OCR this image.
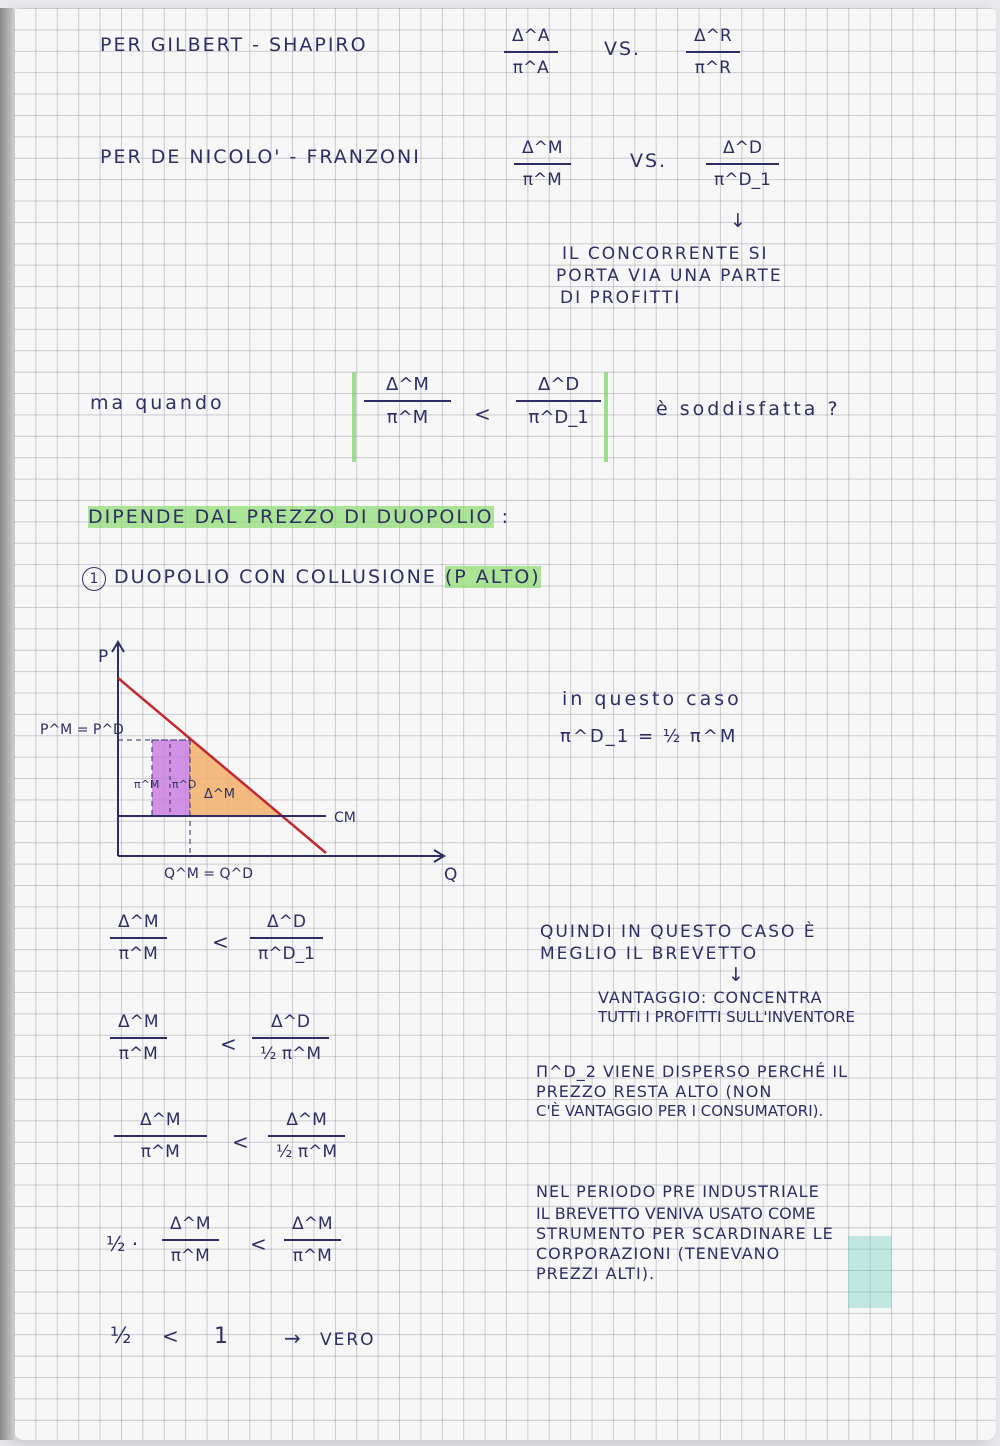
PER GILBERT - SHAPIRO	Δ^A
π^A
VS.
Δ^R
π^R
PER DE NICOLO' - FRANZONI	Δ^M
π^M
VS.
Δ^D
π^D_1
↓
IL CONCORRENTE SI
PORTA VIA UNA PARTE
DI PROFITTI
ma quando
Δ^M
π^M	<
Δ^D
π^D_1	è soddisfatta ?
DIPENDE DAL PREZZO DI DUOPOLIO :
1 DUOPOLIO CON COLLUSIONE (P ALTO)
P
Q
P^M = P^D
Q^M = Q^D
CM
Δ^M
π^M π^D
in questo caso
π^D_1 = ½ π^M
QUINDI IN QUESTO CASO È
MEGLIO IL BREVETTO
↓
VANTAGGIO: CONCENTRA
TUTTI I PROFITTI SULL'INVENTORE
Π^D_2 VIENE DISPERSO PERCHÉ IL
PREZZO RESTA ALTO (NON
C'È VANTAGGIO PER I CONSUMATORI).
NEL PERIODO PRE INDUSTRIALE
IL BREVETTO VENIVA USATO COME
STRUMENTO PER SCARDINARE LE
CORPORAZIONI (TENEVANO
PREZZI ALTI).
Δ^M
π^M	<
Δ^D
π^D_1
Δ^M
π^M	<
Δ^D
½ π^M
Δ^M
π^M	<
Δ^M
½ π^M
½ ·
Δ^M
π^M	<
Δ^M
π^M
½ < 1	→ VERO
